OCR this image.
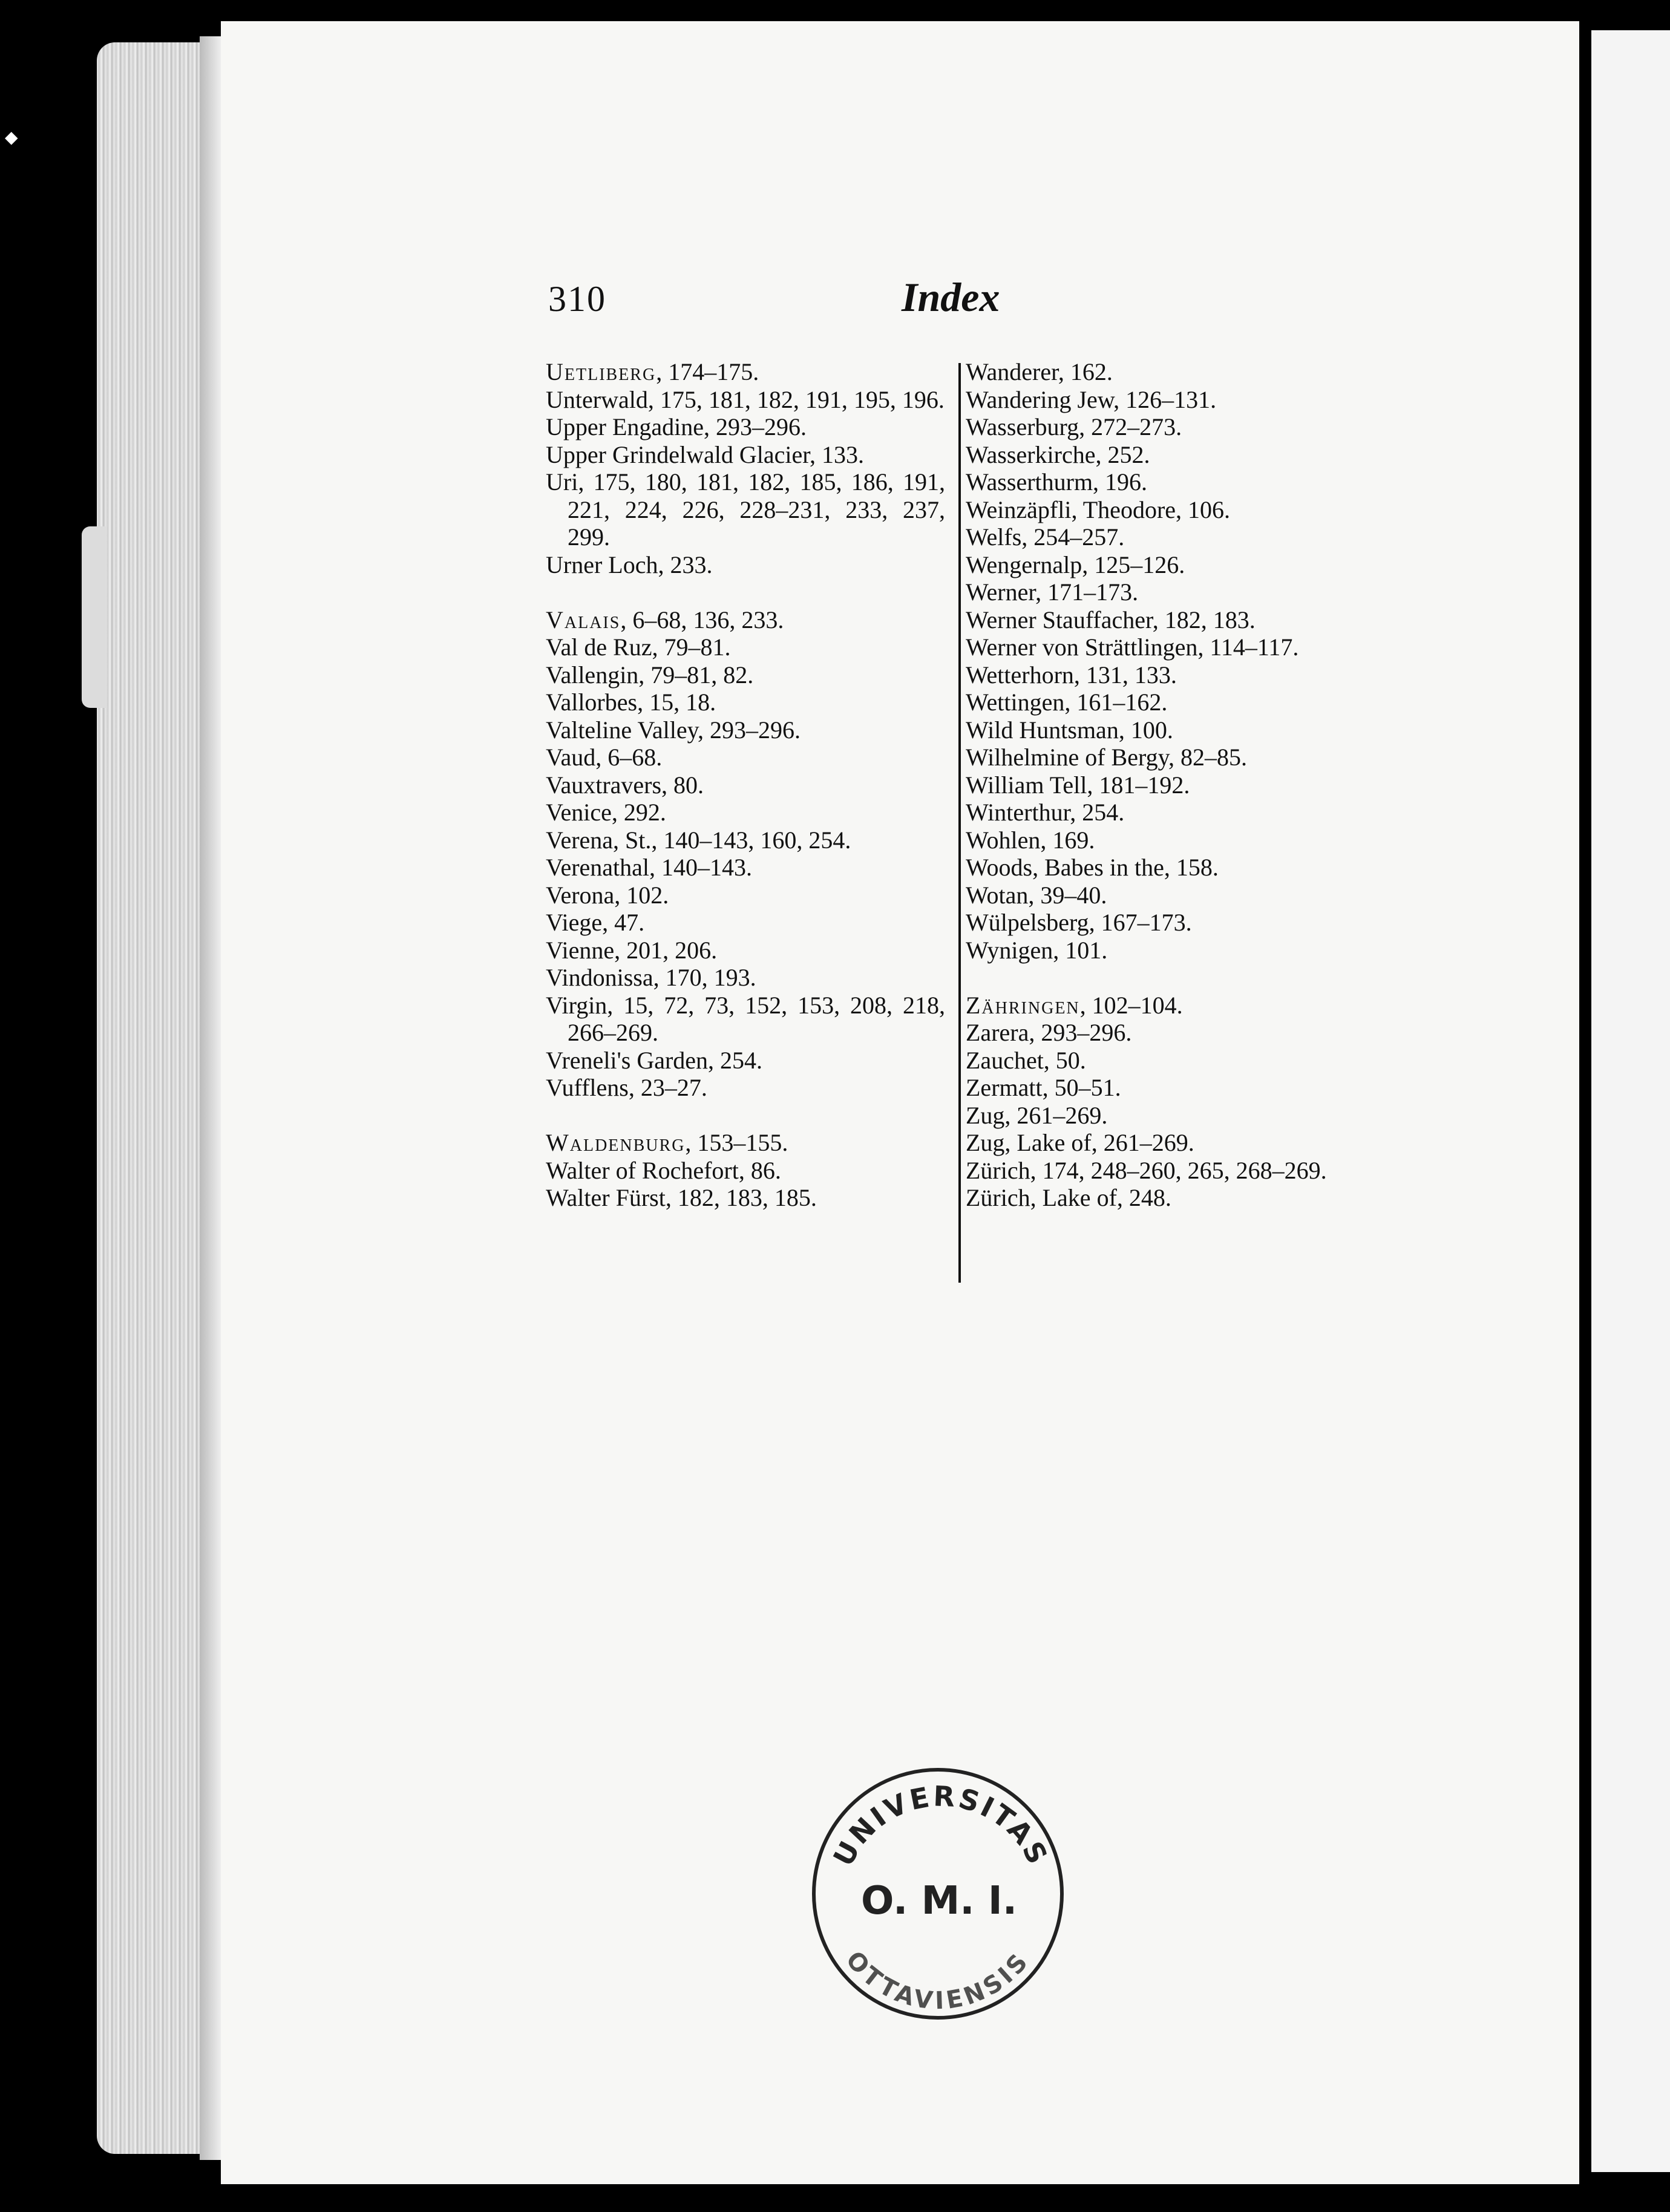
◆
310	Index

Uetliberg, 174–175.

Unterwald, 175, 181, 182, 191, 195, 196.

Upper Engadine, 293–296.

Upper Grindelwald Glacier, 133.

Uri, 175, 180, 181, 182, 185, 186, 191, 221, 224, 226, 228–231, 233, 237, 299.

Urner Loch, 233.

Valais, 6–68, 136, 233.

Val de Ruz, 79–81.

Vallengin, 79–81, 82.

Vallorbes, 15, 18.

Valteline Valley, 293–296.

Vaud, 6–68.

Vauxtravers, 80.

Venice, 292.

Verena, St., 140–143, 160, 254.

Verenathal, 140–143.

Verona, 102.

Viege, 47.

Vienne, 201, 206.

Vindonissa, 170, 193.

Virgin, 15, 72, 73, 152, 153, 208, 218, 266–269.

Vreneli's Garden, 254.

Vufflens, 23–27.

Waldenburg, 153–155.

Walter of Rochefort, 86.

Walter Fürst, 182, 183, 185.

Wanderer, 162.

Wandering Jew, 126–131.

Wasserburg, 272–273.

Wasserkirche, 252.

Wasserthurm, 196.

Weinzäpfli, Theodore, 106.

Welfs, 254–257.

Wengernalp, 125–126.

Werner, 171–173.

Werner Stauffacher, 182, 183.

Werner von Strättlingen, 114–117.

Wetterhorn, 131, 133.

Wettingen, 161–162.

Wild Huntsman, 100.

Wilhelmine of Bergy, 82–85.

William Tell, 181–192.

Winterthur, 254.

Wohlen, 169.

Woods, Babes in the, 158.

Wotan, 39–40.

Wülpelsberg, 167–173.

Wynigen, 101.

Zähringen, 102–104.

Zarera, 293–296.

Zauchet, 50.

Zermatt, 50–51.

Zug, 261–269.

Zug, Lake of, 261–269.

Zürich, 174, 248–260, 265, 268–269.

Zürich, Lake of, 248.

UNIVERSITAS
O. M. I.
OTTAVIENSIS
